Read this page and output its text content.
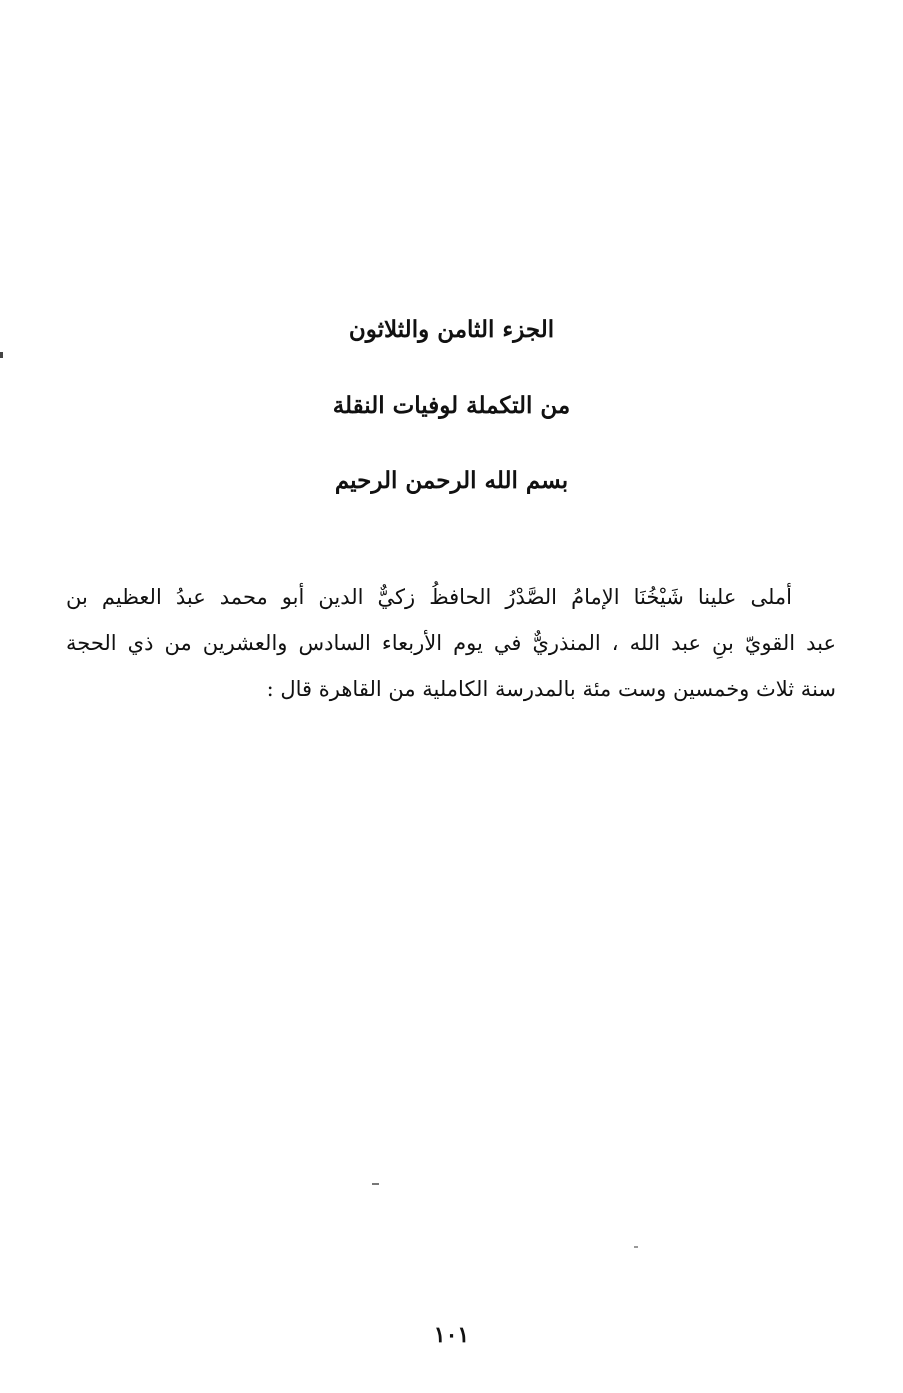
الجزء الثامن والثلاثون
من التكملة لوفيات النقلة
بسم الله الرحمن الرحيم

أملى علينا شَيْخُنَا الإمامُ الصَّدْرُ الحافظُ زكيٌّ الدين أبو محمد عبدُ العظيم بن
عبد القويّ بنِ عبد الله ، المنذريٌّ في يوم الأربعاء السادس والعشرين من ذي الحجة
سنة ثلاث وخمسين وست مئة بالمدرسة الكاملية من القاهرة قال :

١٠١
